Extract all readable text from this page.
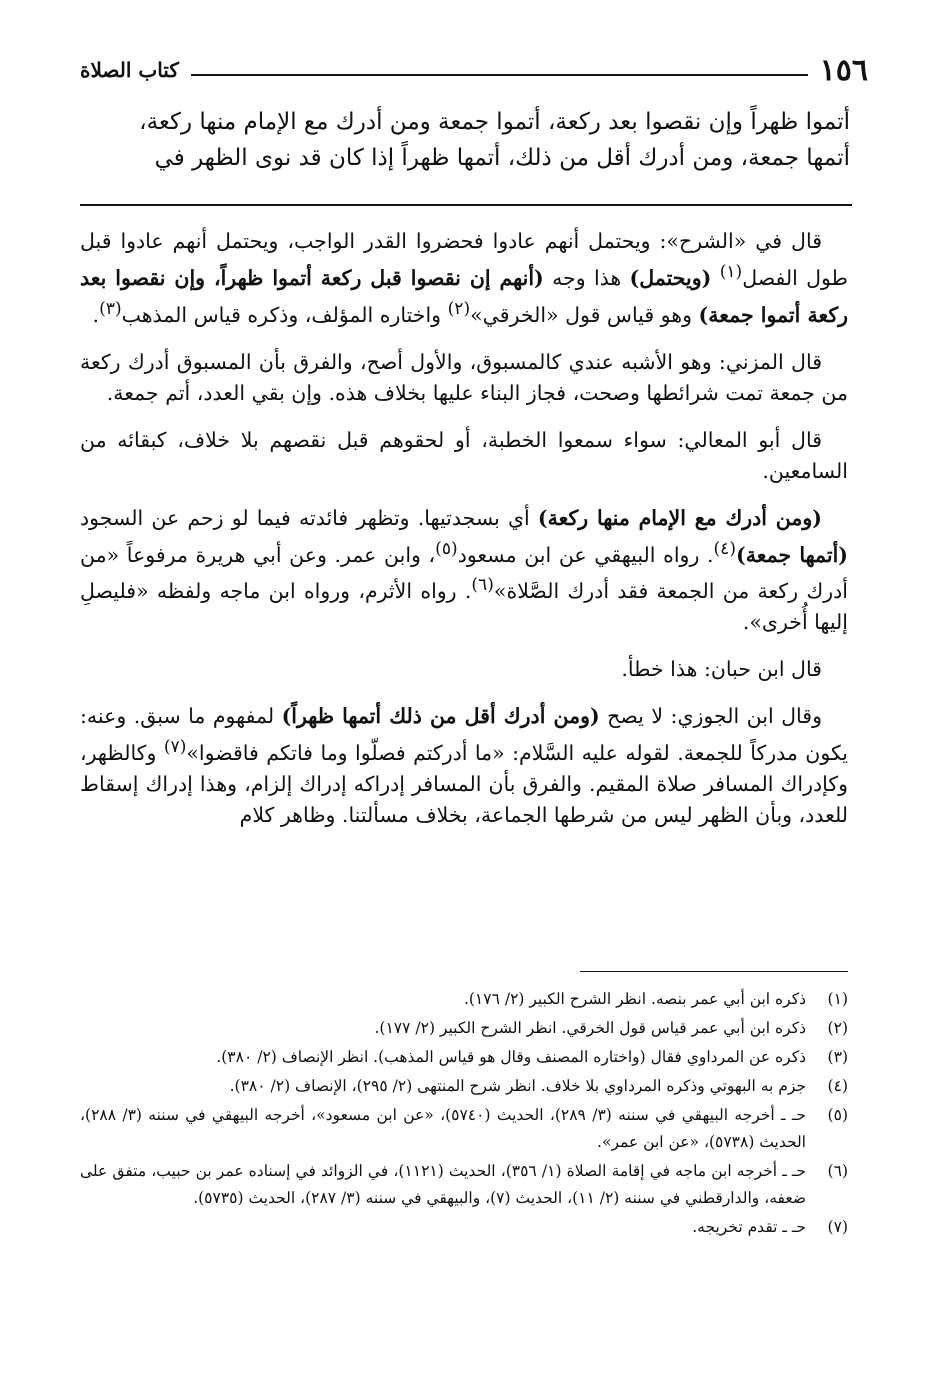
١٥٦
كتاب الصلاة
أتموا ظهراً وإن نقصوا بعد ركعة، أتموا جمعة ومن أدرك مع الإمام منها ركعة،
أتمها جمعة، ومن أدرك أقل من ذلك، أتمها ظهراً إذا كان قد نوى الظهر في

قال في «الشرح»: ويحتمل أنهم عادوا فحضروا القدر الواجب، ويحتمل أنهم عادوا قبل طول الفصل$^{(١)}$ (ويحتمل) هذا وجه (أنهم إن نقصوا قبل ركعة أتموا ظهراً، وإن نقصوا بعد ركعة أتموا جمعة) وهو قياس قول «الخرقي»$^{(٢)}$ واختاره المؤلف، وذكره قياس المذهب$^{(٣)}$.

قال المزني: وهو الأشبه عندي كالمسبوق، والأول أصح، والفرق بأن المسبوق أدرك ركعة من جمعة تمت شرائطها وصحت، فجاز البناء عليها بخلاف هذه. وإن بقي العدد، أتم جمعة.

قال أبو المعالي: سواء سمعوا الخطبة، أو لحقوهم قبل نقصهم بلا خلاف، كبقائه من السامعين.

(ومن أدرك مع الإمام منها ركعة) أي بسجدتيها. وتظهر فائدته فيما لو زحم عن السجود (أتمها جمعة)$^{(٤)}$. رواه البيهقي عن ابن مسعود$^{(٥)}$، وابن عمر. وعن أبي هريرة مرفوعاً «من أدرك ركعة من الجمعة فقد أدرك الصَّلاة»$^{(٦)}$. رواه الأثرم، ورواه ابن ماجه ولفظه «فليصلِ إليها أُخرى».

قال ابن حبان: هذا خطأ.

وقال ابن الجوزي: لا يصح (ومن أدرك أقل من ذلك أتمها ظهراً) لمفهوم ما سبق. وعنه: يكون مدركاً للجمعة. لقوله عليه السَّلام: «ما أدركتم فصلّوا وما فاتكم فاقضوا»$^{(٧)}$ وكالظهر، وكإدراك المسافر صلاة المقيم. والفرق بأن المسافر إدراكه إدراك إلزام، وهذا إدراك إسقاط للعدد، وبأن الظهر ليس من شرطها الجماعة، بخلاف مسألتنا. وظاهر كلام

(١)
ذكره ابن أبي عمر بنصه. انظر الشرح الكبير (٢/ ١٧٦).
(٢)
ذكره ابن أبي عمر قياس قول الخرقي. انظر الشرح الكبير (٢/ ١٧٧).
(٣)
ذكره عن المرداوي فقال (واختاره المصنف وقال هو قياس المذهب). انظر الإنصاف (٢/ ٣٨٠).
(٤)
جزم به البهوتي وذكره المرداوي بلا خلاف. انظر شرح المنتهى (٢/ ٢٩٥)، الإنصاف (٢/ ٣٨٠).
(٥)
حـ ـ أخرجه البيهقي في سننه (٣/ ٢٨٩)، الحديث (٥٧٤٠)، «عن ابن مسعود»، أخرجه البيهقي في سننه (٣/ ٢٨٨)، الحديث (٥٧٣٨)، «عن ابن عمر».
(٦)
حـ ـ أخرجه ابن ماجه في إقامة الصلاة (١/ ٣٥٦)، الحديث (١١٢١)، في الزوائد في إسناده عمر بن حبيب، متفق على ضعفه، والدارقطني في سننه (٢/ ١١)، الحديث (٧)، والبيهقي في سننه (٣/ ٢٨٧)، الحديث (٥٧٣٥).
(٧)
حـ ـ تقدم تخريجه.
